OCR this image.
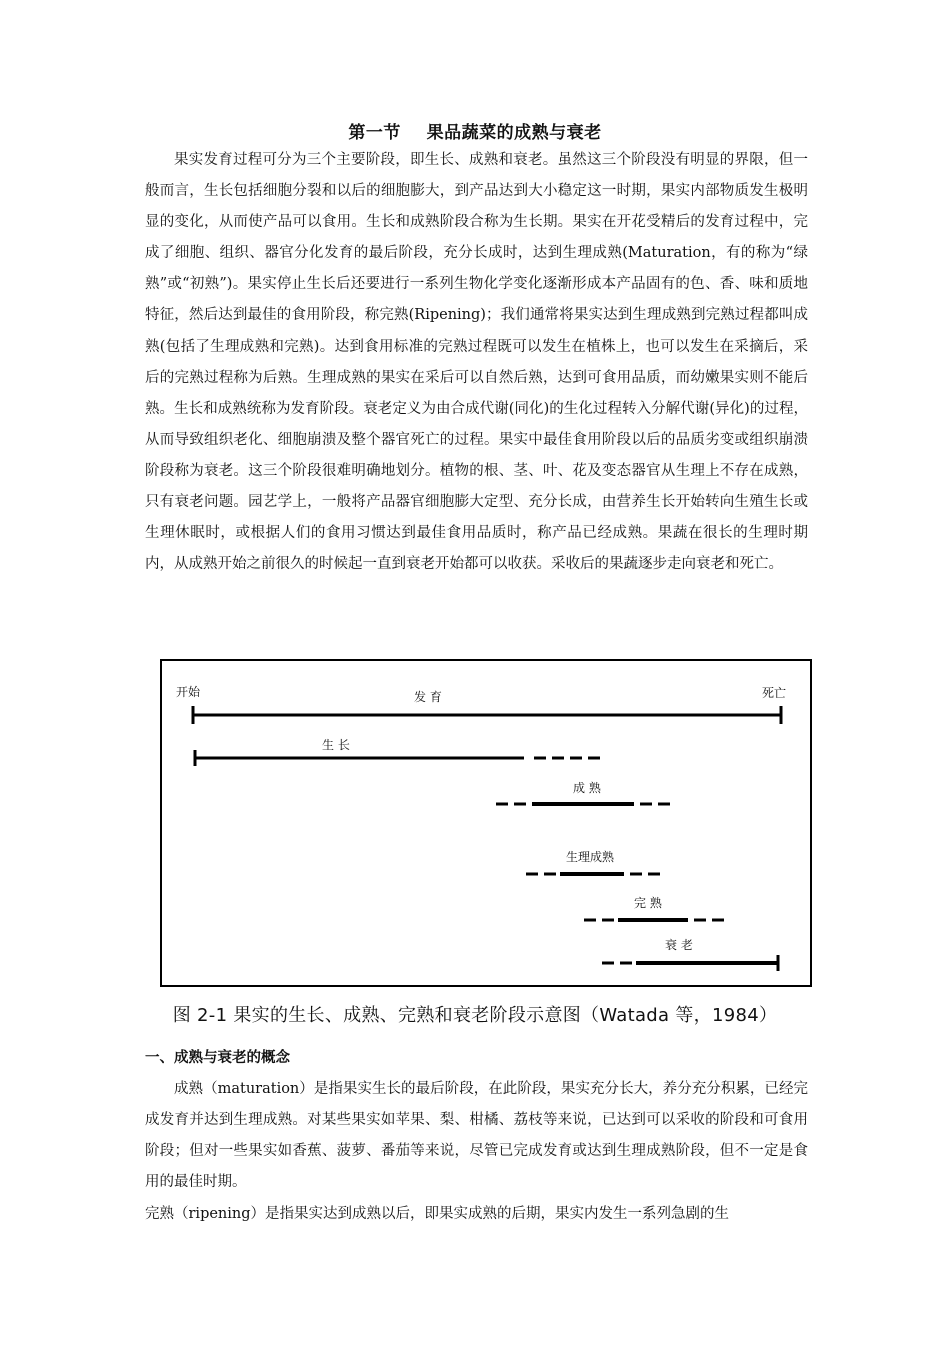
第一节    果品蔬菜的成熟与衰老

果实发育过程可分为三个主要阶段，即生长、成熟和衰老。虽然这三个阶段没有明显的界限，但一般而言，生长包括细胞分裂和以后的细胞膨大，到产品达到大小稳定这一时期，果实内部物质发生极明显的变化，从而使产品可以食用。生长和成熟阶段合称为生长期。果实在开花受精后的发育过程中，完成了细胞、组织、器官分化发育的最后阶段，充分长成时，达到生理成熟(Maturation，有的称为“绿熟”或“初熟”)。果实停止生长后还要进行一系列生物化学变化逐渐形成本产品固有的色、香、味和质地特征，然后达到最佳的食用阶段，称完熟(Ripening)；我们通常将果实达到生理成熟到完熟过程都叫成熟(包括了生理成熟和完熟)。达到食用标准的完熟过程既可以发生在植株上，也可以发生在采摘后，采后的完熟过程称为后熟。生理成熟的果实在采后可以自然后熟，达到可食用品质，而幼嫩果实则不能后熟。生长和成熟统称为发育阶段。衰老定义为由合成代谢(同化)的生化过程转入分解代谢(异化)的过程，从而导致组织老化、细胞崩溃及整个器官死亡的过程。果实中最佳食用阶段以后的品质劣变或组织崩溃阶段称为衰老。这三个阶段很难明确地划分。植物的根、茎、叶、花及变态器官从生理上不存在成熟，只有衰老问题。园艺学上，一般将产品器官细胞膨大定型、充分长成，由营养生长开始转向生殖生长或生理休眠时，或根据人们的食用习惯达到最佳食用品质时，称产品已经成熟。果蔬在很长的生理时期内，从成熟开始之前很久的时候起一直到衰老开始都可以收获。采收后的果蔬逐步走向衰老和死亡。

开始	发 育	死亡
生 长
成 熟
生理成熟
完 熟
衰 老
图 2-1 果实的生长、成熟、完熟和衰老阶段示意图（Watada 等，1984）
一、成熟与衰老的概念

成熟（maturation）是指果实生长的最后阶段，在此阶段，果实充分长大，养分充分积累，已经完成发育并达到生理成熟。对某些果实如苹果、梨、柑橘、荔枝等来说，已达到可以采收的阶段和可食用阶段；但对一些果实如香蕉、菠萝、番茄等来说，尽管已完成发育或达到生理成熟阶段，但不一定是食用的最佳时期。

完熟（ripening）是指果实达到成熟以后，即果实成熟的后期，果实内发生一系列急剧的生
